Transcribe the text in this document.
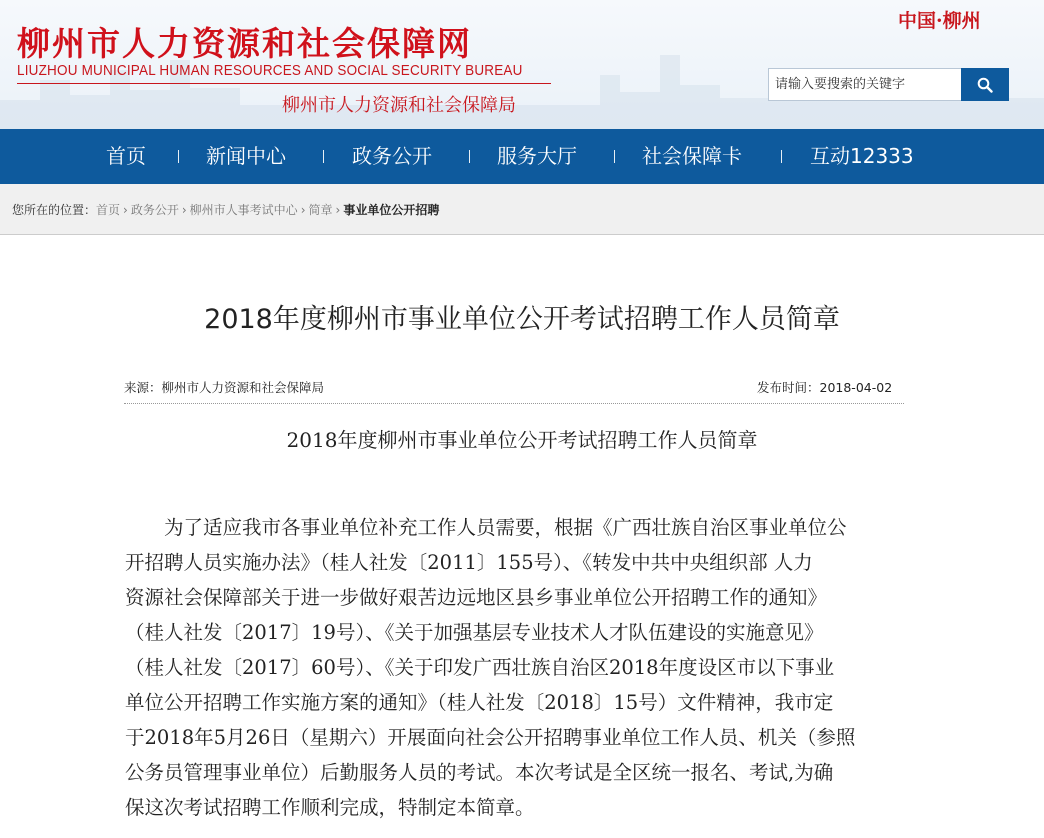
柳州市人力资源和社会保障网
LIUZHOU MUNICIPAL HUMAN RESOURCES AND SOCIAL SECURITY BUREAU
柳州市人力资源和社会保障局
中国·柳州
请输入要搜索的关键字
首页	新闻中心	政务公开	服务大厅	社会保障卡	互动12333
您所在的位置：首页 › 政务公开 › 柳州市人事考试中心 › 简章 › 事业单位公开招聘
2018年度柳州市事业单位公开考试招聘工作人员简章
来源：柳州市人力资源和社会保障局	发布时间：2018-04-02
2018年度柳州市事业单位公开考试招聘工作人员简章
　　为了适应我市各事业单位补充工作人员需要，根据《广西壮族自治区事业单位公
开招聘人员实施办法》（桂人社发〔2011〕155号）、《转发中共中央组织部 人力
资源社会保障部关于进一步做好艰苦边远地区县乡事业单位公开招聘工作的通知》
（桂人社发〔2017〕19号）、《关于加强基层专业技术人才队伍建设的实施意见》
（桂人社发〔2017〕60号）、《关于印发广西壮族自治区2018年度设区市以下事业
单位公开招聘工作实施方案的通知》（桂人社发〔2018〕15号）文件精神，我市定
于2018年5月26日（星期六）开展面向社会公开招聘事业单位工作人员、机关（参照
公务员管理事业单位）后勤服务人员的考试。本次考试是全区统一报名、考试,为确
保这次考试招聘工作顺利完成，特制定本简章。
